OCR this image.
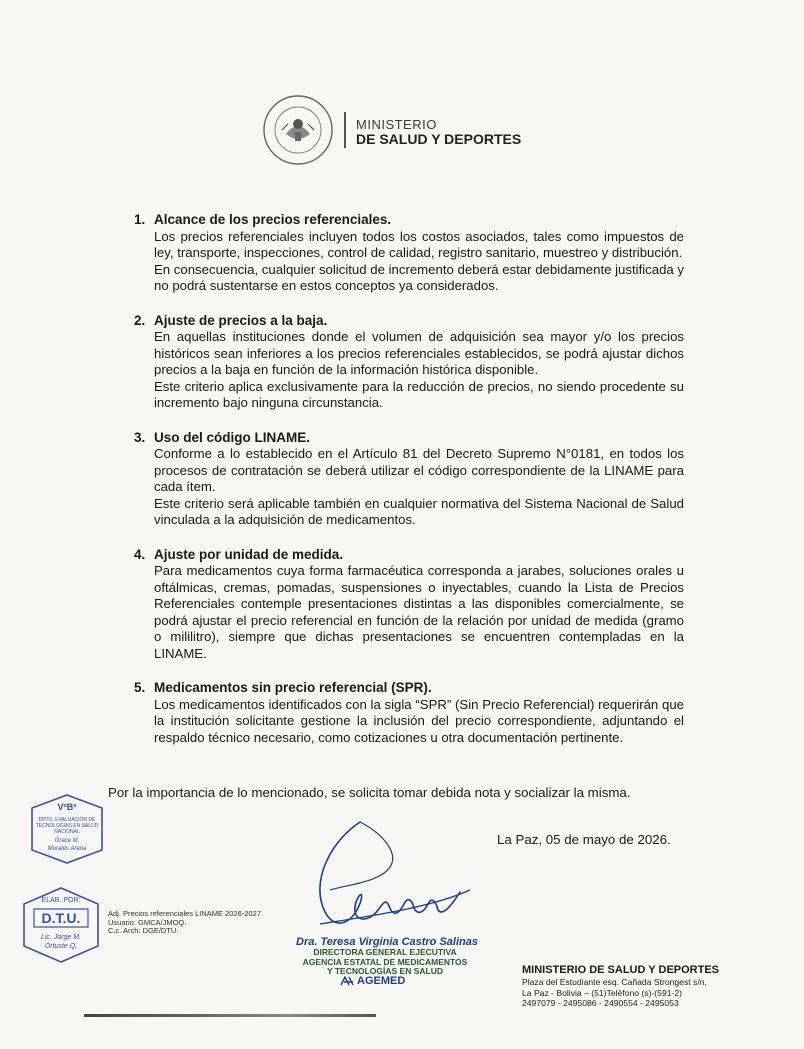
MINISTERIO
DE SALUD Y DEPORTES
1. Alcance de los precios referenciales.

Los precios referenciales incluyen todos los costos asociados, tales como impuestos de ley, transporte, inspecciones, control de calidad, registro sanitario, muestreo y distribución.

En consecuencia, cualquier solicitud de incremento deberá estar debidamente justificada y no podrá sustentarse en estos conceptos ya considerados.

2. Ajuste de precios a la baja.

En aquellas instituciones donde el volumen de adquisición sea mayor y/o los precios históricos sean inferiores a los precios referenciales establecidos, se podrá ajustar dichos precios a la baja en función de la información histórica disponible.

Este criterio aplica exclusivamente para la reducción de precios, no siendo procedente su incremento bajo ninguna circunstancia.

3. Uso del código LINAME.

Conforme a lo establecido en el Artículo 81 del Decreto Supremo N°0181, en todos los procesos de contratación se deberá utilizar el código correspondiente de la LINAME para cada ítem.

Este criterio será aplicable también en cualquier normativa del Sistema Nacional de Salud vinculada a la adquisición de medicamentos.

4. Ajuste por unidad de medida.

Para medicamentos cuya forma farmacéutica corresponda a jarabes, soluciones orales u oftálmicas, cremas, pomadas, suspensiones o inyectables, cuando la Lista de Precios Referenciales contemple presentaciones distintas a las disponibles comercialmente, se podrá ajustar el precio referencial en función de la relación por unidad de medida (gramo o mililitro), siempre que dichas presentaciones se encuentren contempladas en la LINAME.

5. Medicamentos sin precio referencial (SPR).

Los medicamentos identificados con la sigla “SPR” (Sin Precio Referencial) requerirán que la institución solicitante gestione la inclusión del precio correspondiente, adjuntando el respaldo técnico necesario, como cotizaciones u otra documentación pertinente.

Por la importancia de lo mencionado, se solicita tomar debida nota y socializar la misma.
La Paz, 05 de mayo de 2026.
VºBº
DPTO. EVALUACIÓN DE
TECNOLOGÍAS EN SALUD
NACIONAL
Grace M.
Morales Arana
ELAB. POR:
D.T.U.
Lic. Jorge M.
Ortuste Q.
Adj. Precios referenciales LINAME 2026-2027.
Usuario: GMCA/JMOQ.
C.c. Arch: DGE/DTU.
Dra. Teresa Virginia Castro Salinas
DIRECTORA GENERAL EJECUTIVA
AGENCIA ESTATAL DE MEDICAMENTOS
Y TECNOLOGÍAS EN SALUD
AGEMED
MINISTERIO DE SALUD Y DEPORTES
Plaza del Estudiante esq. Cañada Strongest s/n,
La Paz - Bolivia – (51)Teléfono (s)-(591-2)
2497079 - 2495086 - 2490554 - 2495053
